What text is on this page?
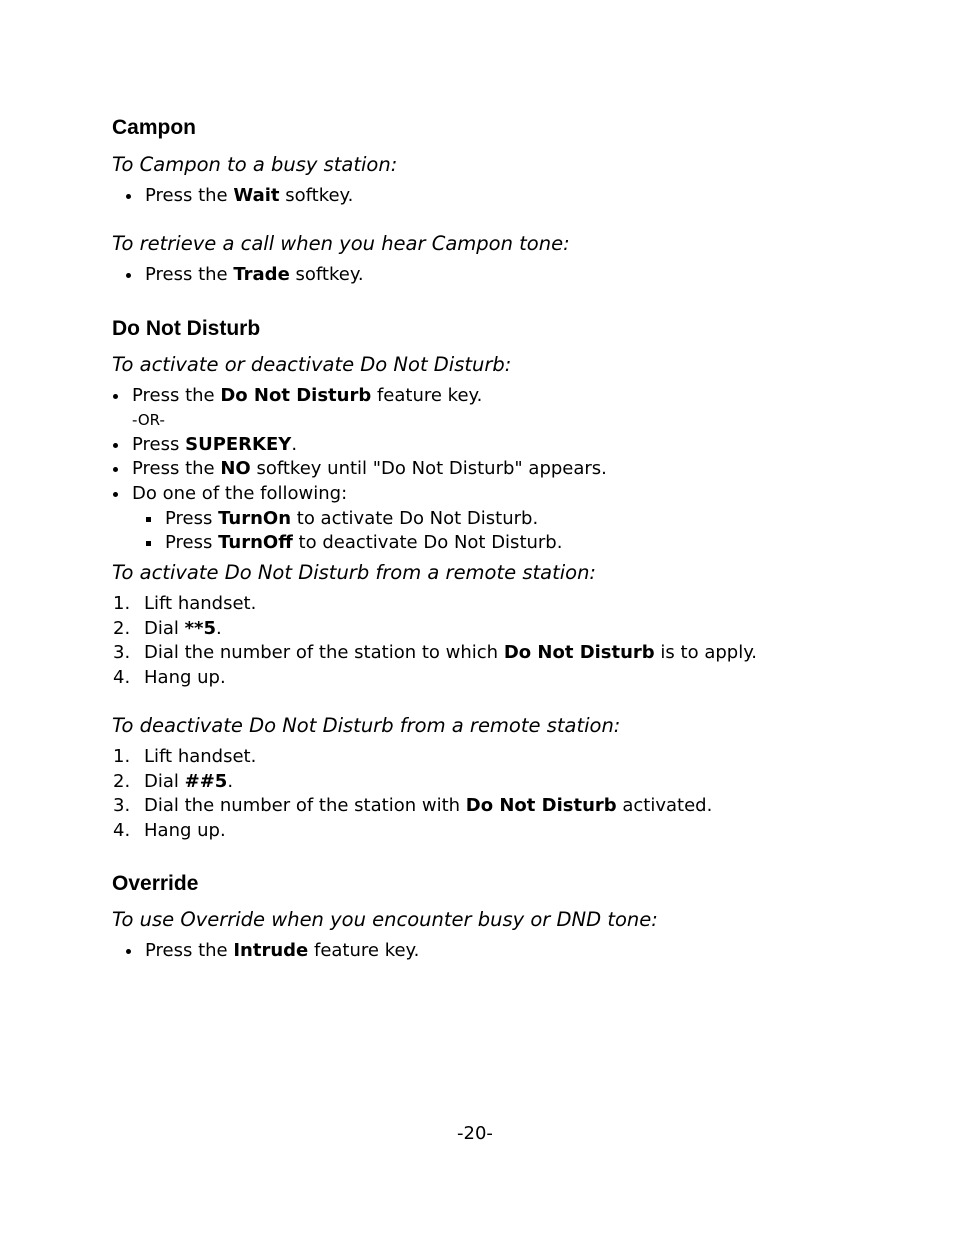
Campon
To Campon to a busy station:
Press the Wait softkey.
To retrieve a call when you hear Campon tone:
Press the Trade softkey.
Do Not Disturb
To activate or deactivate Do Not Disturb:
Press the Do Not Disturb feature key.
-OR-
Press SUPERKEY.
Press the NO softkey until "Do Not Disturb" appears.
Do one of the following:
Press TurnOn to activate Do Not Disturb.
Press TurnOff to deactivate Do Not Disturb.
To activate Do Not Disturb from a remote station:
1. Lift handset.
2. Dial **5.
3. Dial the number of the station to which Do Not Disturb is to apply.
4. Hang up.
To deactivate Do Not Disturb from a remote station:
1. Lift handset.
2. Dial ##5.
3. Dial the number of the station with Do Not Disturb activated.
4. Hang up.
Override
To use Override when you encounter busy or DND tone:
Press the Intrude feature key.
-20-
